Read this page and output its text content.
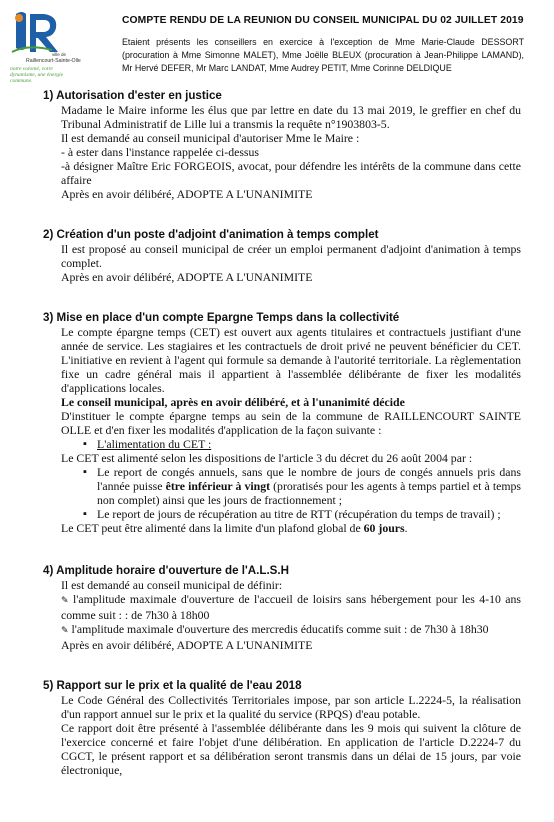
ville de
Raillencourt-Sainte-Olle
notre volonté, votre dynamisme, une énergie commune.
COMPTE RENDU DE LA REUNION DU CONSEIL MUNICIPAL DU 02 JUILLET 2019
Etaient présents les conseillers en exercice à l'exception de Mme Marie-Claude DESSORT (procuration à Mme Simonne MALET), Mme Joëlle BLEUX (procuration à Jean-Philippe LAMAND), Mr Hervé DEFER, Mr Marc LANDAT, Mme Audrey PETIT, Mme Corinne DELDIQUE
1) Autorisation d'ester en justice

Madame le Maire informe les élus que par lettre en date du 13 mai 2019, le greffier en chef du Tribunal Administratif de Lille lui a transmis la requête n°1903803-5.

Il est demandé au conseil municipal d'autoriser Mme le Maire :

- à ester dans l'instance rappelée ci-dessus

-à désigner Maître Eric FORGEOIS, avocat, pour défendre les intérêts de la commune dans cette affaire

Après en avoir délibéré, ADOPTE A L'UNANIMITE

2) Création d'un poste d'adjoint d'animation à temps complet

Il est proposé au conseil municipal de créer un emploi permanent d'adjoint d'animation à temps complet.

Après en avoir délibéré, ADOPTE A L'UNANIMITE

3) Mise en place d'un compte Epargne Temps dans la collectivité

Le compte épargne temps (CET) est ouvert aux agents titulaires et contractuels justifiant d'une année de service. Les stagiaires et les contractuels de droit privé ne peuvent bénéficier du CET. L'initiative en revient à l'agent qui formule sa demande à l'autorité territoriale. La règlementation fixe un cadre général mais il appartient à l'assemblée délibérante de fixer les modalités d'applications locales.

Le conseil municipal, après en avoir délibéré, et à l'unanimité décide

D'instituer le compte épargne temps au sein de la commune de RAILLENCOURT SAINTE OLLE et d'en fixer les modalités d'application de la façon suivante :

▪ L'alimentation du CET :

Le CET est alimenté selon les dispositions de l'article 3 du décret du 26 août 2004 par :

▪ Le report de congés annuels, sans que le nombre de jours de congés annuels pris dans l'année puisse être inférieur à vingt (proratisés pour les agents à temps partiel et à temps non complet) ainsi que les jours de fractionnement ;
▪ Le report de jours de récupération au titre de RTT (récupération du temps de travail) ;

Le CET peut être alimenté dans la limite d'un plafond global de 60 jours.

4) Amplitude horaire d'ouverture de l'A.L.S.H

Il est demandé au conseil municipal de définir:

✎ l'amplitude maximale d'ouverture de l'accueil de loisirs sans hébergement pour les 4-10 ans comme suit : : de 7h30 à 18h00

✎ l'amplitude maximale d'ouverture des mercredis éducatifs comme suit : de 7h30 à 18h30

Après en avoir délibéré, ADOPTE A L'UNANIMITE

5) Rapport sur le prix et la qualité de l'eau 2018

Le Code Général des Collectivités Territoriales impose, par son article L.2224-5, la réalisation d'un rapport annuel sur le prix et la qualité du service (RPQS) d'eau potable.

Ce rapport doit être présenté à l'assemblée délibérante dans les 9 mois qui suivent la clôture de l'exercice concerné et faire l'objet d'une délibération. En application de l'article D.2224-7 du CGCT, le présent rapport et sa délibération seront transmis dans un délai de 15 jours, par voie électronique,
